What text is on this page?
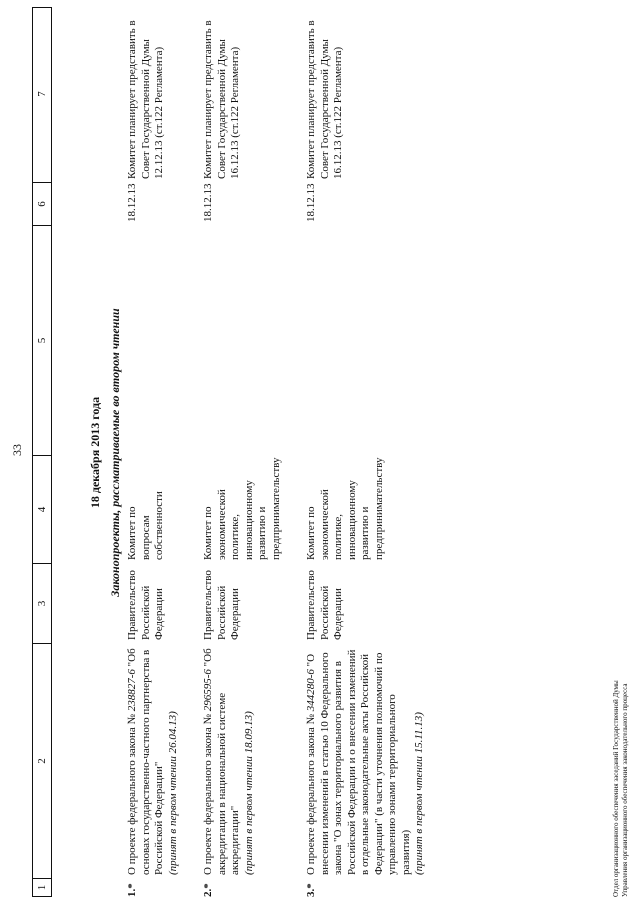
33
1
2
3
4
5
6
7
18 декабря 2013 года Законопроекты, рассматриваемые во втором чтении
1.*
О проекте федерального закона № 238827-6 "Об основах государственно-частного партнерства в Российской Федерации" (принят в первом чтении 26.04.13)
Правительство Российской Федерации
Комитет по вопросам собственности
18.12.13
Комитет планирует представить в Совет Государственной Думы 12.12.13 (ст.122 Регламента)
2.*
О проекте федерального закона № 296595-6 "Об аккредитации в национальной системе аккредитации" (принят в первом чтении 18.09.13)
Правительство Российской Федерации
Комитет по экономической политике, инновационному развитию и предпринимательству
18.12.13
Комитет планирует представить в Совет Государственной Думы 16.12.13 (ст.122 Регламента)
3.*
О проекте федерального закона № 344280-6 "О внесении изменений в статью 10 Федерального закона "О зонах территориального развития в Российской Федерации и о внесении изменений в отдельные законодательные акты Российской Федерации" (в части уточнения полномочий по управлению зонами территориального развития) (принят в первом чтении 15.11.13)
Правительство Российской Федерации
Комитет по экономической политике, инновационному развитию и предпринимательству
18.12.13
Комитет планирует представить в Совет Государственной Думы 16.12.13 (ст.122 Регламента)
Отдел организационного обеспечения заседаний Государственной Думы Управления организационного обеспечения законодательного процесса
